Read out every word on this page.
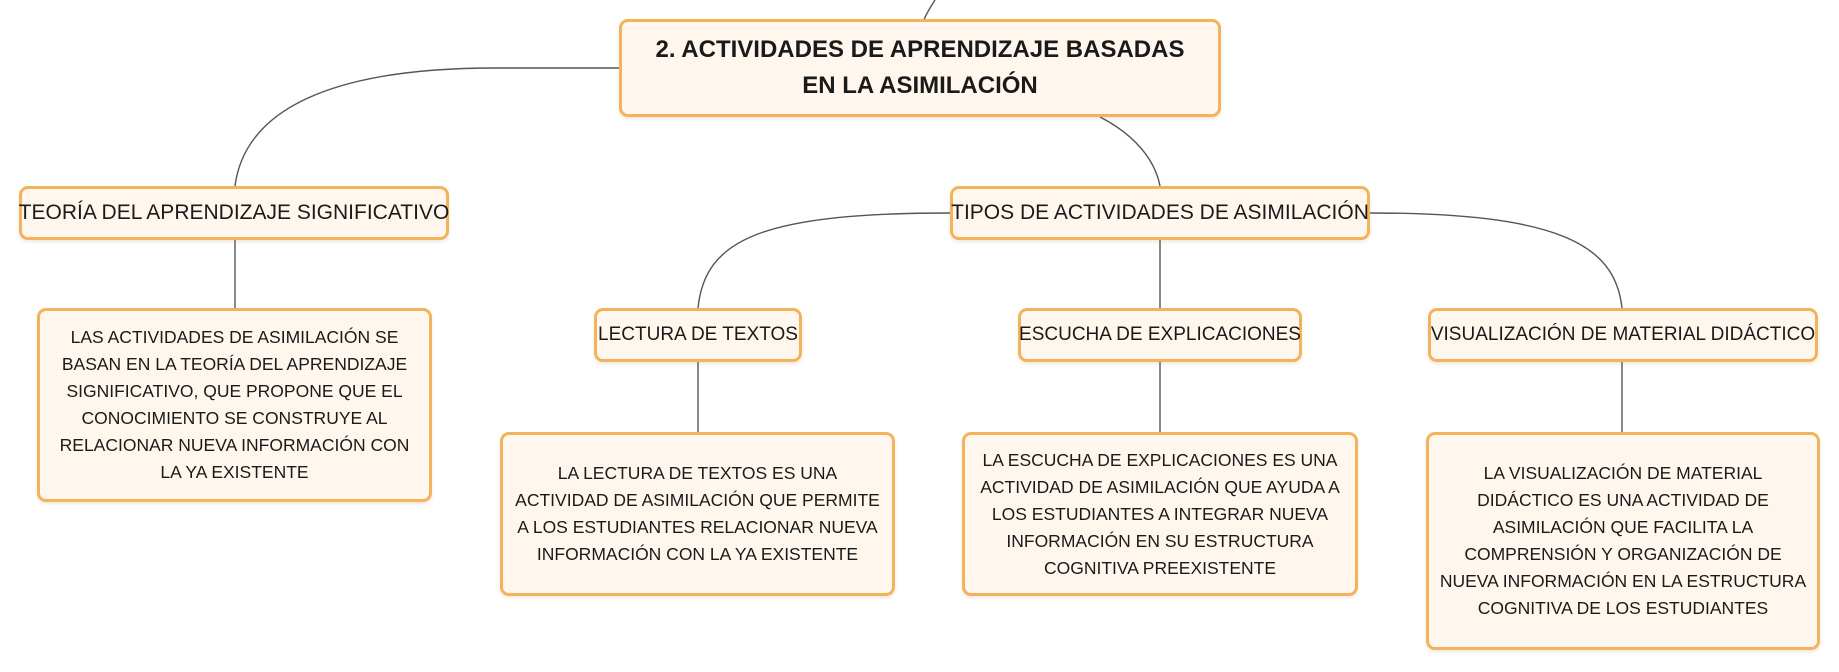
2. ACTIVIDADES DE APRENDIZAJE BASADAS EN LA ASIMILACIÓN
TEORÍA DEL APRENDIZAJE SIGNIFICATIVO
LAS ACTIVIDADES DE ASIMILACIÓN SE BASAN EN LA TEORÍA DEL APRENDIZAJE SIGNIFICATIVO, QUE PROPONE QUE EL CONOCIMIENTO SE CONSTRUYE AL RELACIONAR NUEVA INFORMACIÓN CON LA YA EXISTENTE
TIPOS DE ACTIVIDADES DE ASIMILACIÓN
LECTURA DE TEXTOS
LA LECTURA DE TEXTOS ES UNA ACTIVIDAD DE ASIMILACIÓN QUE PERMITE A LOS ESTUDIANTES RELACIONAR NUEVA INFORMACIÓN CON LA YA EXISTENTE
ESCUCHA DE EXPLICACIONES
LA ESCUCHA DE EXPLICACIONES ES UNA ACTIVIDAD DE ASIMILACIÓN QUE AYUDA A LOS ESTUDIANTES A INTEGRAR NUEVA INFORMACIÓN EN SU ESTRUCTURA COGNITIVA PREEXISTENTE
VISUALIZACIÓN DE MATERIAL DIDÁCTICO
LA VISUALIZACIÓN DE MATERIAL DIDÁCTICO ES UNA ACTIVIDAD DE ASIMILACIÓN QUE FACILITA LA COMPRENSIÓN Y ORGANIZACIÓN DE NUEVA INFORMACIÓN EN LA ESTRUCTURA COGNITIVA DE LOS ESTUDIANTES
